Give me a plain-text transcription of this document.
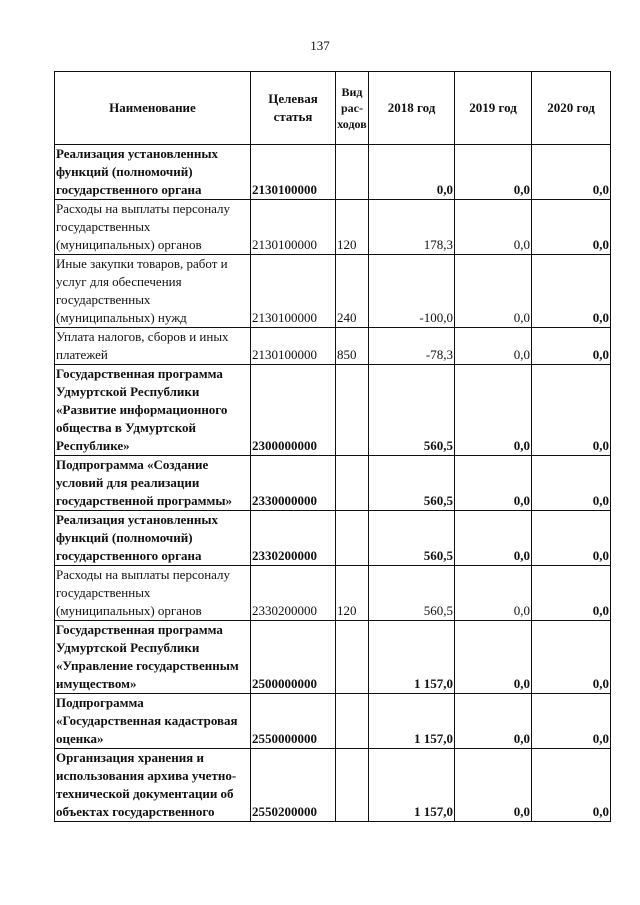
137
Наименование	Целевая статья	Вид рас-ходов	2018 год	2019 год	2020 год
Реализация установленных функций (полномочий) государственного органа	2130100000		0,0	0,0	0,0
Расходы на выплаты персоналу государственных (муниципальных) органов	2130100000	120	178,3	0,0	0,0
Иные закупки товаров, работ и услуг для обеспечения государственных (муниципальных) нужд	2130100000	240	-100,0	0,0	0,0
Уплата налогов, сборов и иных платежей	2130100000	850	-78,3	0,0	0,0
Государственная программа Удмуртской Республики «Развитие информационного общества в Удмуртской Республике»	2300000000		560,5	0,0	0,0
Подпрограмма «Создание условий для реализации государственной программы»	2330000000		560,5	0,0	0,0
Реализация установленных функций (полномочий) государственного органа	2330200000		560,5	0,0	0,0
Расходы на выплаты персоналу государственных (муниципальных) органов	2330200000	120	560,5	0,0	0,0
Государственная программа Удмуртской Республики «Управление государственным имуществом»	2500000000		1 157,0	0,0	0,0
Подпрограмма «Государственная кадастровая оценка»	2550000000		1 157,0	0,0	0,0
Организация хранения и использования архива учетно-технической документации об объектах государственного	2550200000		1 157,0	0,0	0,0
